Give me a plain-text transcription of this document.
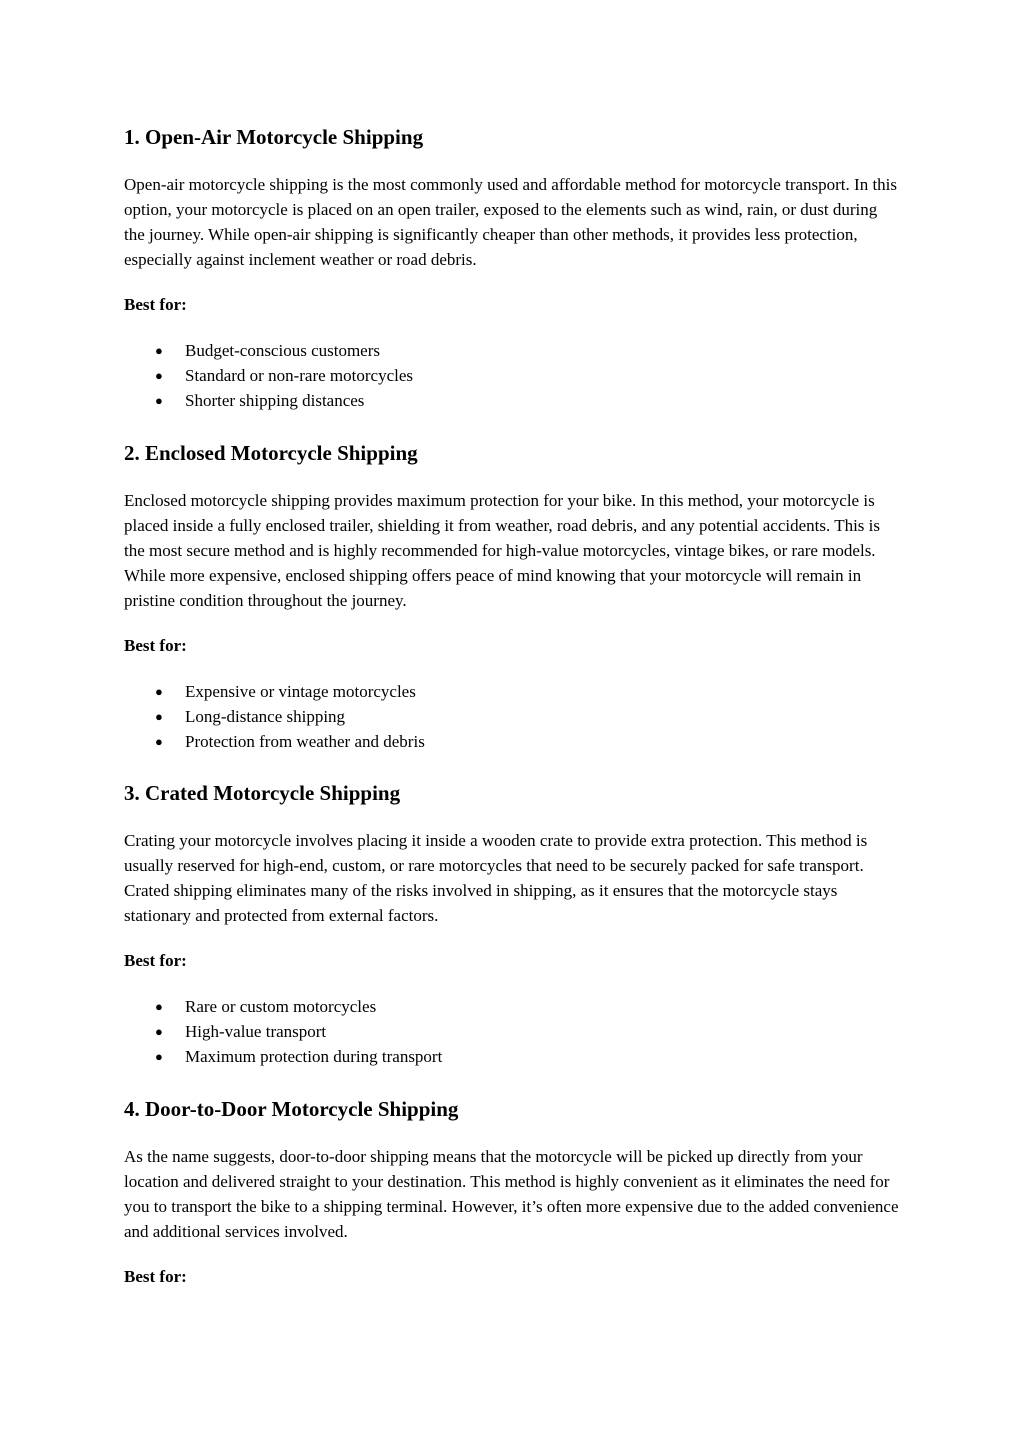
1. Open-Air Motorcycle Shipping

Open-air motorcycle shipping is the most commonly used and affordable method for motorcycle transport. In this option, your motorcycle is placed on an open trailer, exposed to the elements such as wind, rain, or dust during the journey. While open-air shipping is significantly cheaper than other methods, it provides less protection, especially against inclement weather or road debris.

Best for:

● Budget-conscious customers
● Standard or non-rare motorcycles
● Shorter shipping distances
2. Enclosed Motorcycle Shipping

Enclosed motorcycle shipping provides maximum protection for your bike. In this method, your motorcycle is placed inside a fully enclosed trailer, shielding it from weather, road debris, and any potential accidents. This is the most secure method and is highly recommended for high-value motorcycles, vintage bikes, or rare models. While more expensive, enclosed shipping offers peace of mind knowing that your motorcycle will remain in pristine condition throughout the journey.

Best for:

● Expensive or vintage motorcycles
● Long-distance shipping
● Protection from weather and debris
3. Crated Motorcycle Shipping

Crating your motorcycle involves placing it inside a wooden crate to provide extra protection. This method is usually reserved for high-end, custom, or rare motorcycles that need to be securely packed for safe transport. Crated shipping eliminates many of the risks involved in shipping, as it ensures that the motorcycle stays stationary and protected from external factors.

Best for:

● Rare or custom motorcycles
● High-value transport
● Maximum protection during transport
4. Door-to-Door Motorcycle Shipping

As the name suggests, door-to-door shipping means that the motorcycle will be picked up directly from your location and delivered straight to your destination. This method is highly convenient as it eliminates the need for you to transport the bike to a shipping terminal. However, it’s often more expensive due to the added convenience and additional services involved.

Best for:
